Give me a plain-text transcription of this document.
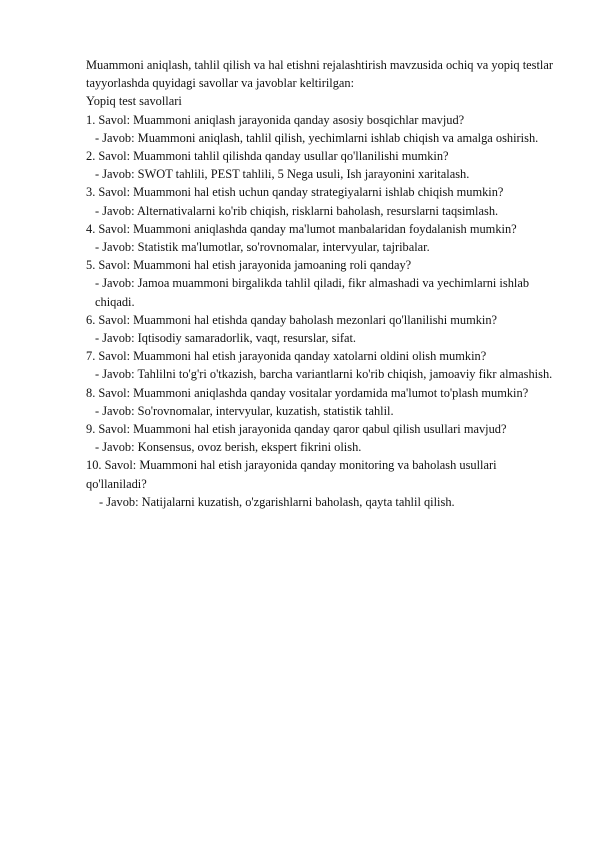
Muammoni aniqlash, tahlil qilish va hal etishni rejalashtirish mavzusida ochiq va yopiq testlar tayyorlashda quyidagi savollar va javoblar keltirilgan:

Yopiq test savollari

1. Savol: Muammoni aniqlash jarayonida qanday asosiy bosqichlar mavjud?

- Javob: Muammoni aniqlash, tahlil qilish, yechimlarni ishlab chiqish va amalga oshirish.

2. Savol: Muammoni tahlil qilishda qanday usullar qo'llanilishi mumkin?

- Javob: SWOT tahlili, PEST tahlili, 5 Nega usuli, Ish jarayonini xaritalash.

3. Savol: Muammoni hal etish uchun qanday strategiyalarni ishlab chiqish mumkin?

- Javob: Alternativalarni ko'rib chiqish, risklarni baholash, resurslarni taqsimlash.

4. Savol: Muammoni aniqlashda qanday ma'lumot manbalaridan foydalanish mumkin?

- Javob: Statistik ma'lumotlar, so'rovnomalar, intervyular, tajribalar.

5. Savol: Muammoni hal etish jarayonida jamoaning roli qanday?

- Javob: Jamoa muammoni birgalikda tahlil qiladi, fikr almashadi va yechimlarni ishlab chiqadi.

6. Savol: Muammoni hal etishda qanday baholash mezonlari qo'llanilishi mumkin?

- Javob: Iqtisodiy samaradorlik, vaqt, resurslar, sifat.

7. Savol: Muammoni hal etish jarayonida qanday xatolarni oldini olish mumkin?

- Javob: Tahlilni to'g'ri o'tkazish, barcha variantlarni ko'rib chiqish, jamoaviy fikr almashish.

8. Savol: Muammoni aniqlashda qanday vositalar yordamida ma'lumot to'plash mumkin?

- Javob: So'rovnomalar, intervyular, kuzatish, statistik tahlil.

9. Savol: Muammoni hal etish jarayonida qanday qaror qabul qilish usullari mavjud?

- Javob: Konsensus, ovoz berish, ekspert fikrini olish.

10. Savol: Muammoni hal etish jarayonida qanday monitoring va baholash usullari qo'llaniladi?

- Javob: Natijalarni kuzatish, o'zgarishlarni baholash, qayta tahlil qilish.
